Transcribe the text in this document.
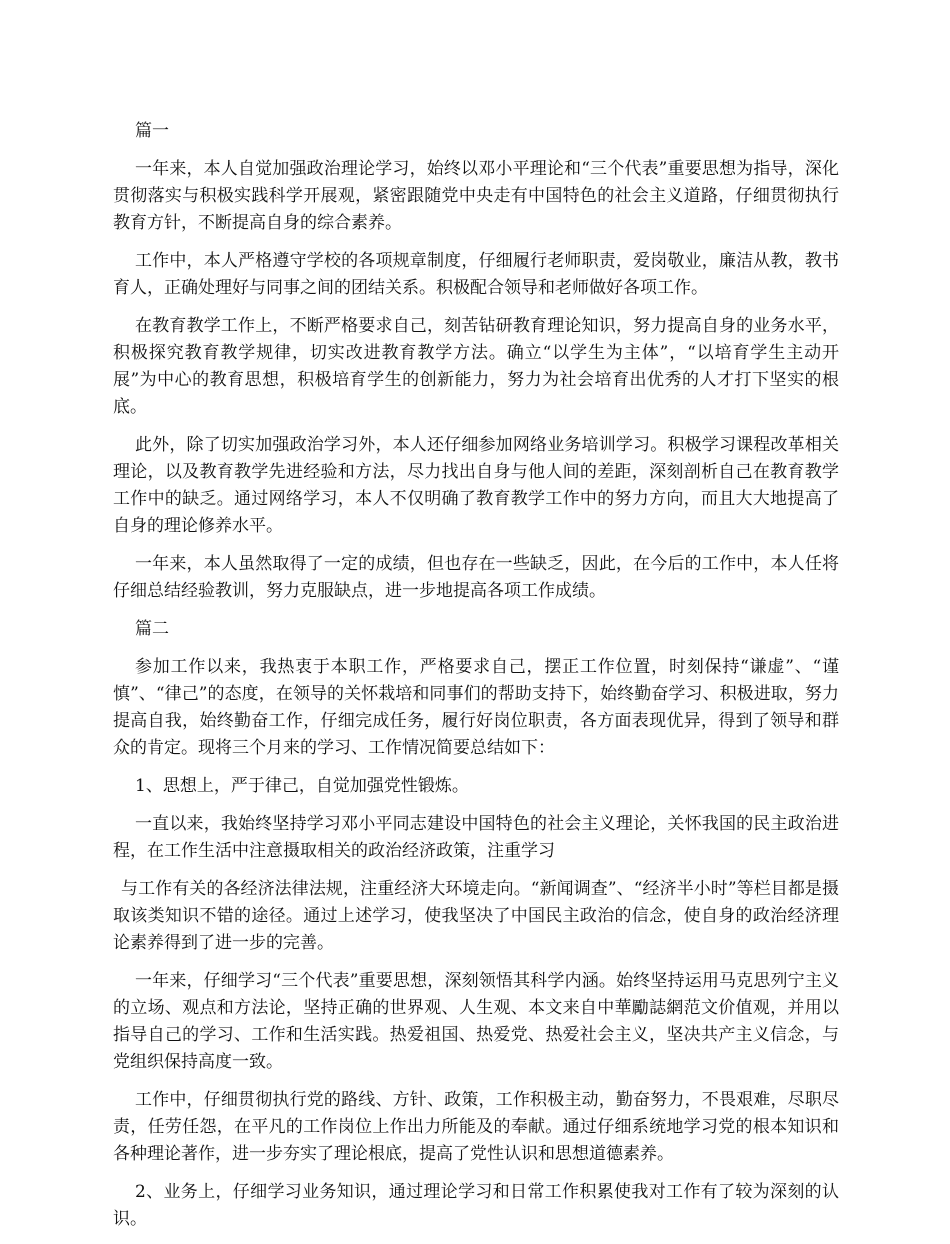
篇一

一年来，本人自觉加强政治理论学习，始终以邓小平理论和“三个代表”重要思想为指导，深化贯彻落实与积极实践科学开展观，紧密跟随党中央走有中国特色的社会主义道路，仔细贯彻执行教育方针，不断提高自身的综合素养。

工作中，本人严格遵守学校的各项规章制度，仔细履行老师职责，爱岗敬业，廉洁从教，教书育人，正确处理好与同事之间的团结关系。积极配合领导和老师做好各项工作。

在教育教学工作上，不断严格要求自己，刻苦钻研教育理论知识，努力提高自身的业务水平，积极探究教育教学规律，切实改进教育教学方法。确立“以学生为主体”，“以培育学生主动开展”为中心的教育思想，积极培育学生的创新能力，努力为社会培育出优秀的人才打下坚实的根底。

此外，除了切实加强政治学习外，本人还仔细参加网络业务培训学习。积极学习课程改革相关理论，以及教育教学先进经验和方法，尽力找出自身与他人间的差距，深刻剖析自己在教育教学工作中的缺乏。通过网络学习，本人不仅明确了教育教学工作中的努力方向，而且大大地提高了自身的理论修养水平。

一年来，本人虽然取得了一定的成绩，但也存在一些缺乏，因此，在今后的工作中，本人任将仔细总结经验教训，努力克服缺点，进一步地提高各项工作成绩。

篇二

参加工作以来，我热衷于本职工作，严格要求自己，摆正工作位置，时刻保持“谦虚”、“谨慎”、“律己”的态度，在领导的关怀栽培和同事们的帮助支持下，始终勤奋学习、积极进取，努力提高自我，始终勤奋工作，仔细完成任务，履行好岗位职责，各方面表现优异，得到了领导和群众的肯定。现将三个月来的学习、工作情况简要总结如下：

1、思想上，严于律己，自觉加强党性锻炼。

一直以来，我始终坚持学习邓小平同志建设中国特色的社会主义理论，关怀我国的民主政治进程，在工作生活中注意摄取相关的政治经济政策，注重学习

与工作有关的各经济法律法规，注重经济大环境走向。“新闻调查”、“经济半小时”等栏目都是摄取该类知识不错的途径。通过上述学习，使我坚决了中国民主政治的信念，使自身的政治经济理论素养得到了进一步的完善。

一年来，仔细学习“三个代表”重要思想，深刻领悟其科学内涵。始终坚持运用马克思列宁主义的立场、观点和方法论，坚持正确的世界观、人生观、本文来自中華勵誌網范文价值观，并用以指导自己的学习、工作和生活实践。热爱祖国、热爱党、热爱社会主义，坚决共产主义信念，与党组织保持高度一致。

工作中，仔细贯彻执行党的路线、方针、政策，工作积极主动，勤奋努力，不畏艰难，尽职尽责，任劳任怨，在平凡的工作岗位上作出力所能及的奉献。通过仔细系统地学习党的根本知识和各种理论著作，进一步夯实了理论根底，提高了党性认识和思想道德素养。

2、业务上，仔细学习业务知识，通过理论学习和日常工作积累使我对工作有了较为深刻的认识。
